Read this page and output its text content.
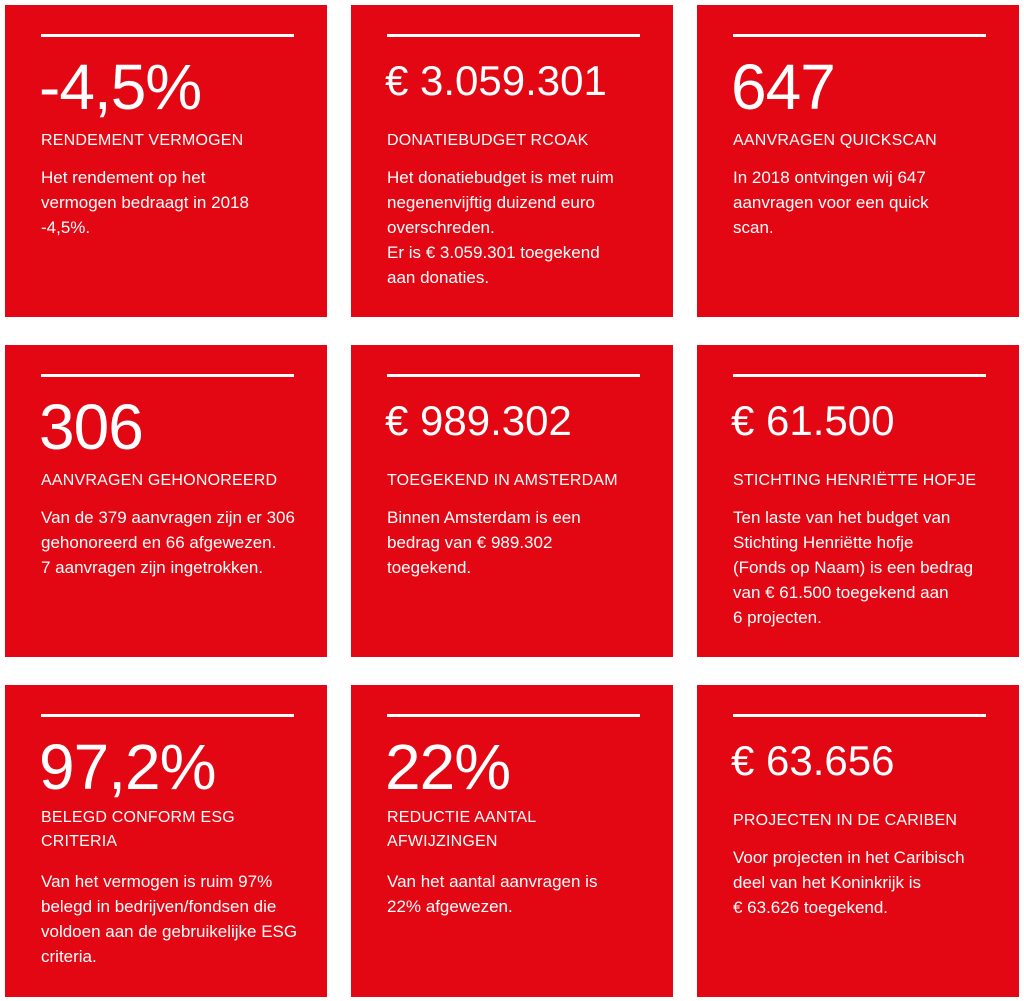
-4,5%
RENDEMENT VERMOGEN
Het rendement op het
vermogen bedraagt in 2018
-4,5%.
€ 3.059.301
DONATIEBUDGET RCOAK
Het donatiebudget is met ruim
negenenvijftig duizend euro
overschreden.
Er is € 3.059.301 toegekend
aan donaties.
647
AANVRAGEN QUICKSCAN
In 2018 ontvingen wij 647
aanvragen voor een quick
scan.
306
AANVRAGEN GEHONOREERD
Van de 379 aanvragen zijn er 306
gehonoreerd en 66 afgewezen.
7 aanvragen zijn ingetrokken.
€ 989.302
TOEGEKEND IN AMSTERDAM
Binnen Amsterdam is een
bedrag van € 989.302
toegekend.
€ 61.500
STICHTING HENRIËTTE HOFJE
Ten laste van het budget van
Stichting Henriëtte hofje
(Fonds op Naam) is een bedrag
van € 61.500 toegekend aan
6 projecten.
97,2%
BELEGD CONFORM ESG
CRITERIA
Van het vermogen is ruim 97%
belegd in bedrijven/fondsen die
voldoen aan de gebruikelijke ESG
criteria.
22%
REDUCTIE AANTAL
AFWIJZINGEN
Van het aantal aanvragen is
22% afgewezen.
€ 63.656
PROJECTEN IN DE CARIBEN
Voor projecten in het Caribisch
deel van het Koninkrijk is
€ 63.626 toegekend.
